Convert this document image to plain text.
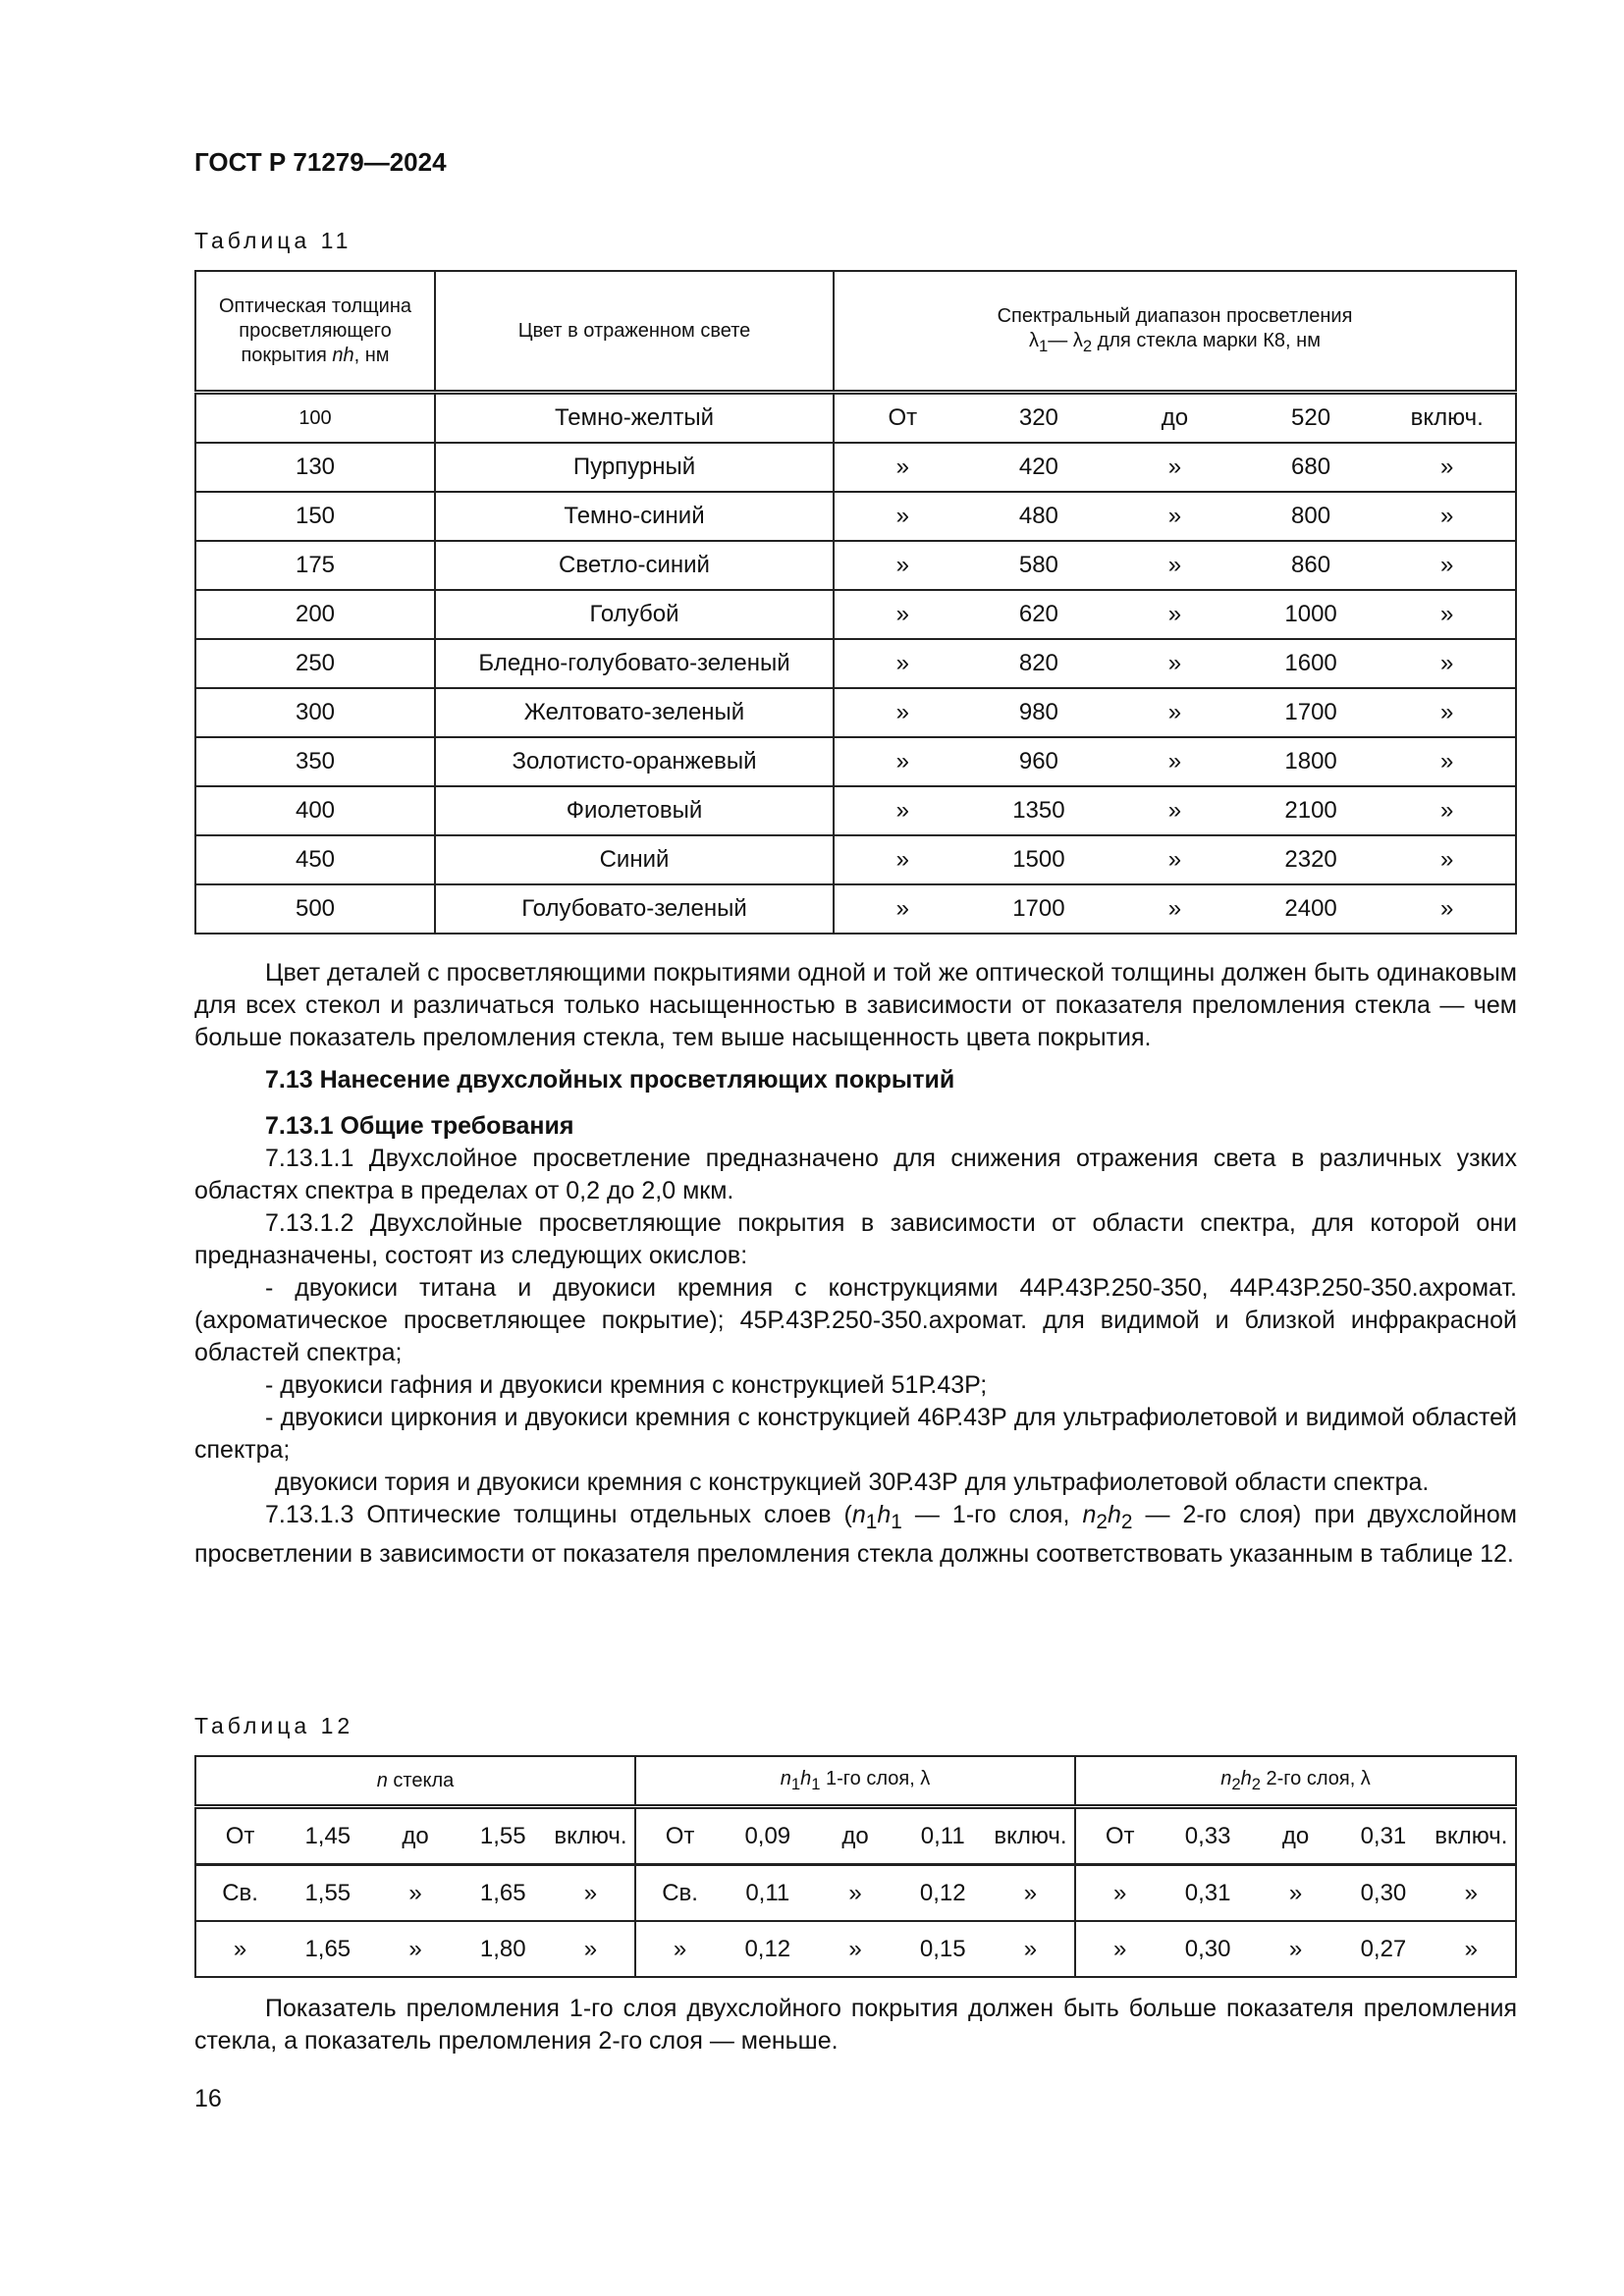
ГОСТ Р 71279—2024
Таблица 11
Оптическая толщина просветляющего покрытия nh, нм	Цвет в отраженном свете	Спектральный диапазон просветления
$\lambda_1—$ $\lambda_2$ для стекла марки К8, нм

100	Темно-желтый	От 320 до 520 включ.

130	Пурпурный	» 420 » 680 »

150	Темно-синий	» 480 » 800 »

175	Светло-синий	» 580 » 860 »

200	Голубой	» 620 » 1000 »

250	Бледно-голубовато-зеленый	» 820 » 1600 »

300	Желтовато-зеленый	» 980 » 1700 »

350	Золотисто-оранжевый	» 960 » 1800 »

400	Фиолетовый	» 1350 » 2100 »

450	Синий	» 1500 » 2320 »

500	Голубовато-зеленый	» 1700 » 2400 »

Цвет деталей с просветляющими покрытиями одной и той же оптической толщины должен быть одинаковым для всех стекол и различаться только насыщенностью в зависимости от показателя преломления стекла — чем больше показатель преломления стекла, тем выше насыщенность цвета покрытия.

7.13 Нанесение двухслойных просветляющих покрытий

7.13.1 Общие требования

7.13.1.1 Двухслойное просветление предназначено для снижения отражения света в различных узких областях спектра в пределах от 0,2 до 2,0 мкм.

7.13.1.2 Двухслойные просветляющие покрытия в зависимости от области спектра, для которой они предназначены, состоят из следующих окислов:

- двуокиси титана и двуокиси кремния с конструкциями 44Р.43Р.250-350, 44Р.43Р.250-350.ахромат. (ахроматическое просветляющее покрытие); 45Р.43Р.250-350.ахромат. для видимой и близкой инфракрасной областей спектра;

- двуокиси гафния и двуокиси кремния с конструкцией 51Р.43Р;

- двуокиси циркония и двуокиси кремния с конструкцией 46Р.43Р для ультрафиолетовой и видимой областей спектра;

двуокиси тория и двуокиси кремния с конструкцией 30Р.43Р для ультрафиолетовой области спектра.

7.13.1.3 Оптические толщины отдельных слоев ($n_1h_1$ — 1-го слоя, $n_2h_2$ — 2-го слоя) при двухслойном просветлении в зависимости от показателя преломления стекла должны соответствовать указанным в таблице 12.

Таблица 12
n стекла	$n_1h_1$ 1-го слоя, λ	$n_2h_2$ 2-го слоя, λ

От 1,45 до 1,55 включ.	От 0,09 до 0,11 включ.	От 0,33 до 0,31 включ.

Св. 1,55 » 1,65 »	Св. 0,11 » 0,12 »	» 0,31 » 0,30 »

» 1,65 » 1,80 »	» 0,12 » 0,15 »	» 0,30 » 0,27 »

Показатель преломления 1-го слоя двухслойного покрытия должен быть больше показателя преломления стекла, а показатель преломления 2-го слоя — меньше.

16
